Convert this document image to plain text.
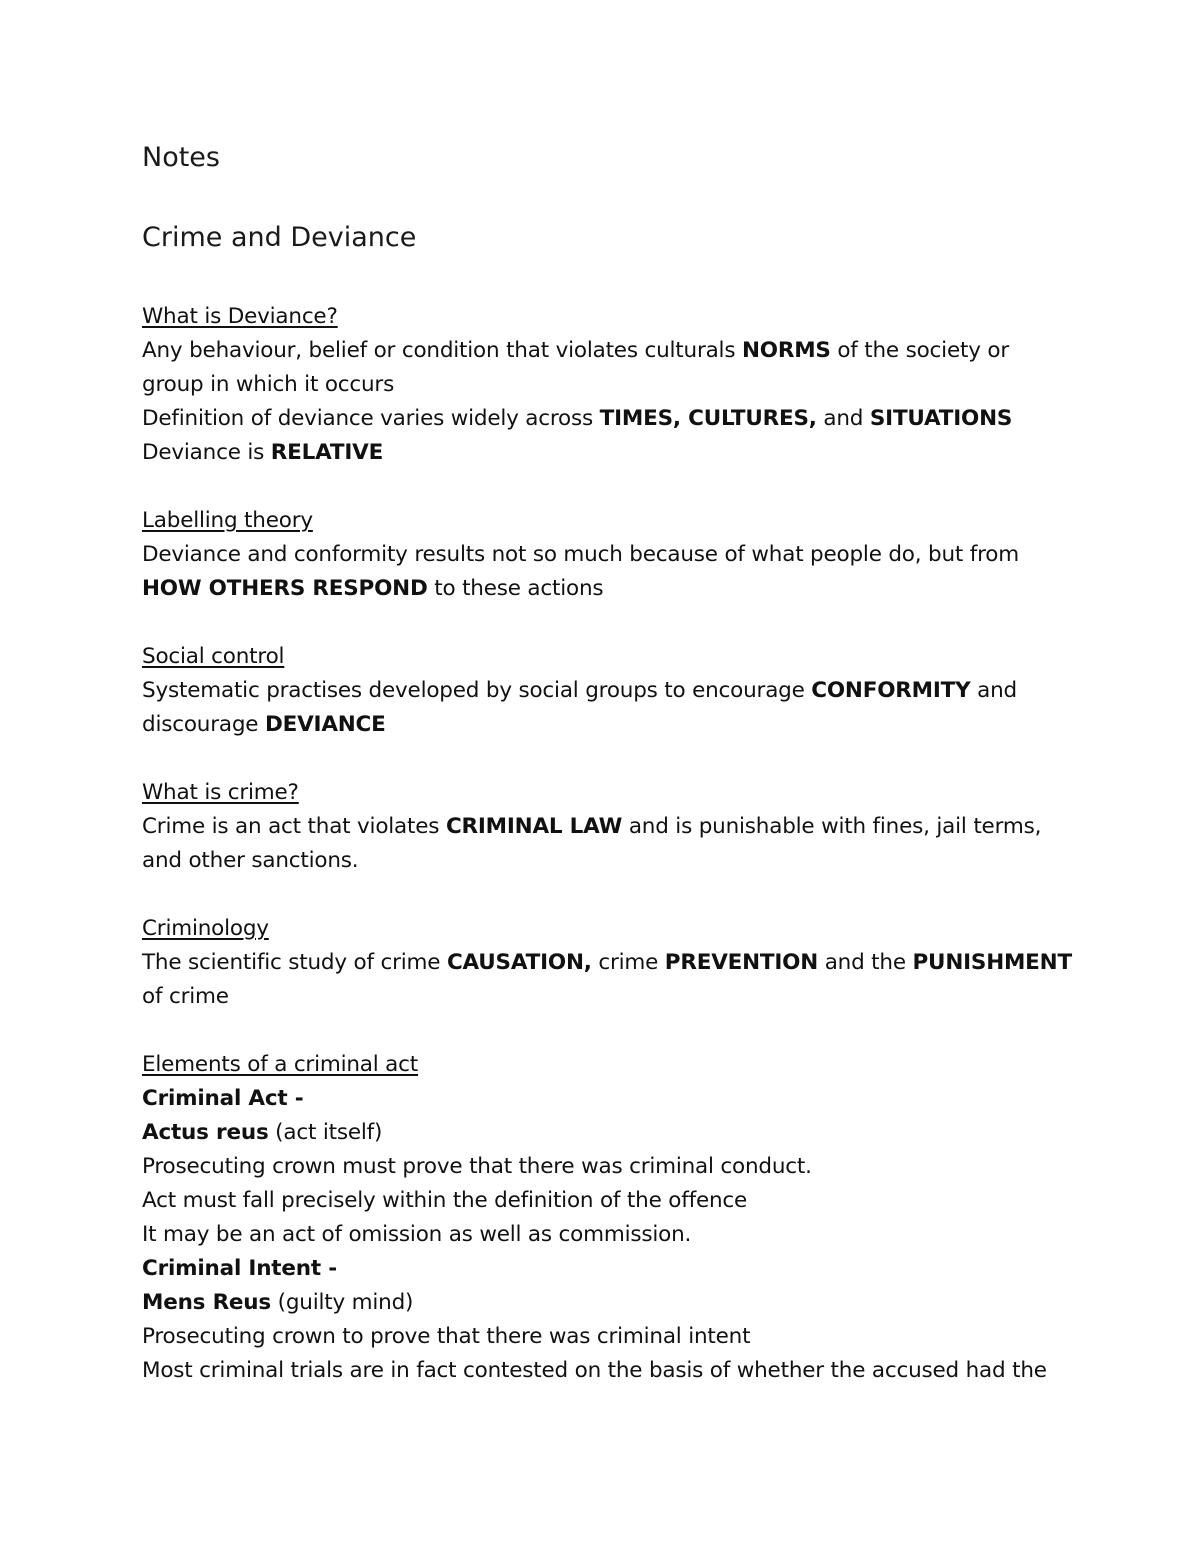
Notes
Crime and Deviance
What is Deviance?
Any behaviour, belief or condition that violates culturals NORMS of the society or
group in which it occurs
Definition of deviance varies widely across TIMES, CULTURES, and SITUATIONS
Deviance is RELATIVE
Labelling theory
Deviance and conformity results not so much because of what people do, but from
HOW OTHERS RESPOND to these actions
Social control
Systematic practises developed by social groups to encourage CONFORMITY and
discourage DEVIANCE
What is crime?
Crime is an act that violates CRIMINAL LAW and is punishable with fines, jail terms,
and other sanctions.
Criminology
The scientific study of crime CAUSATION, crime PREVENTION and the PUNISHMENT
of crime
Elements of a criminal act
Criminal Act -
Actus reus (act itself)
Prosecuting crown must prove that there was criminal conduct.
Act must fall precisely within the definition of the offence
It may be an act of omission as well as commission.
Criminal Intent -
Mens Reus (guilty mind)
Prosecuting crown to prove that there was criminal intent
Most criminal trials are in fact contested on the basis of whether the accused had the
